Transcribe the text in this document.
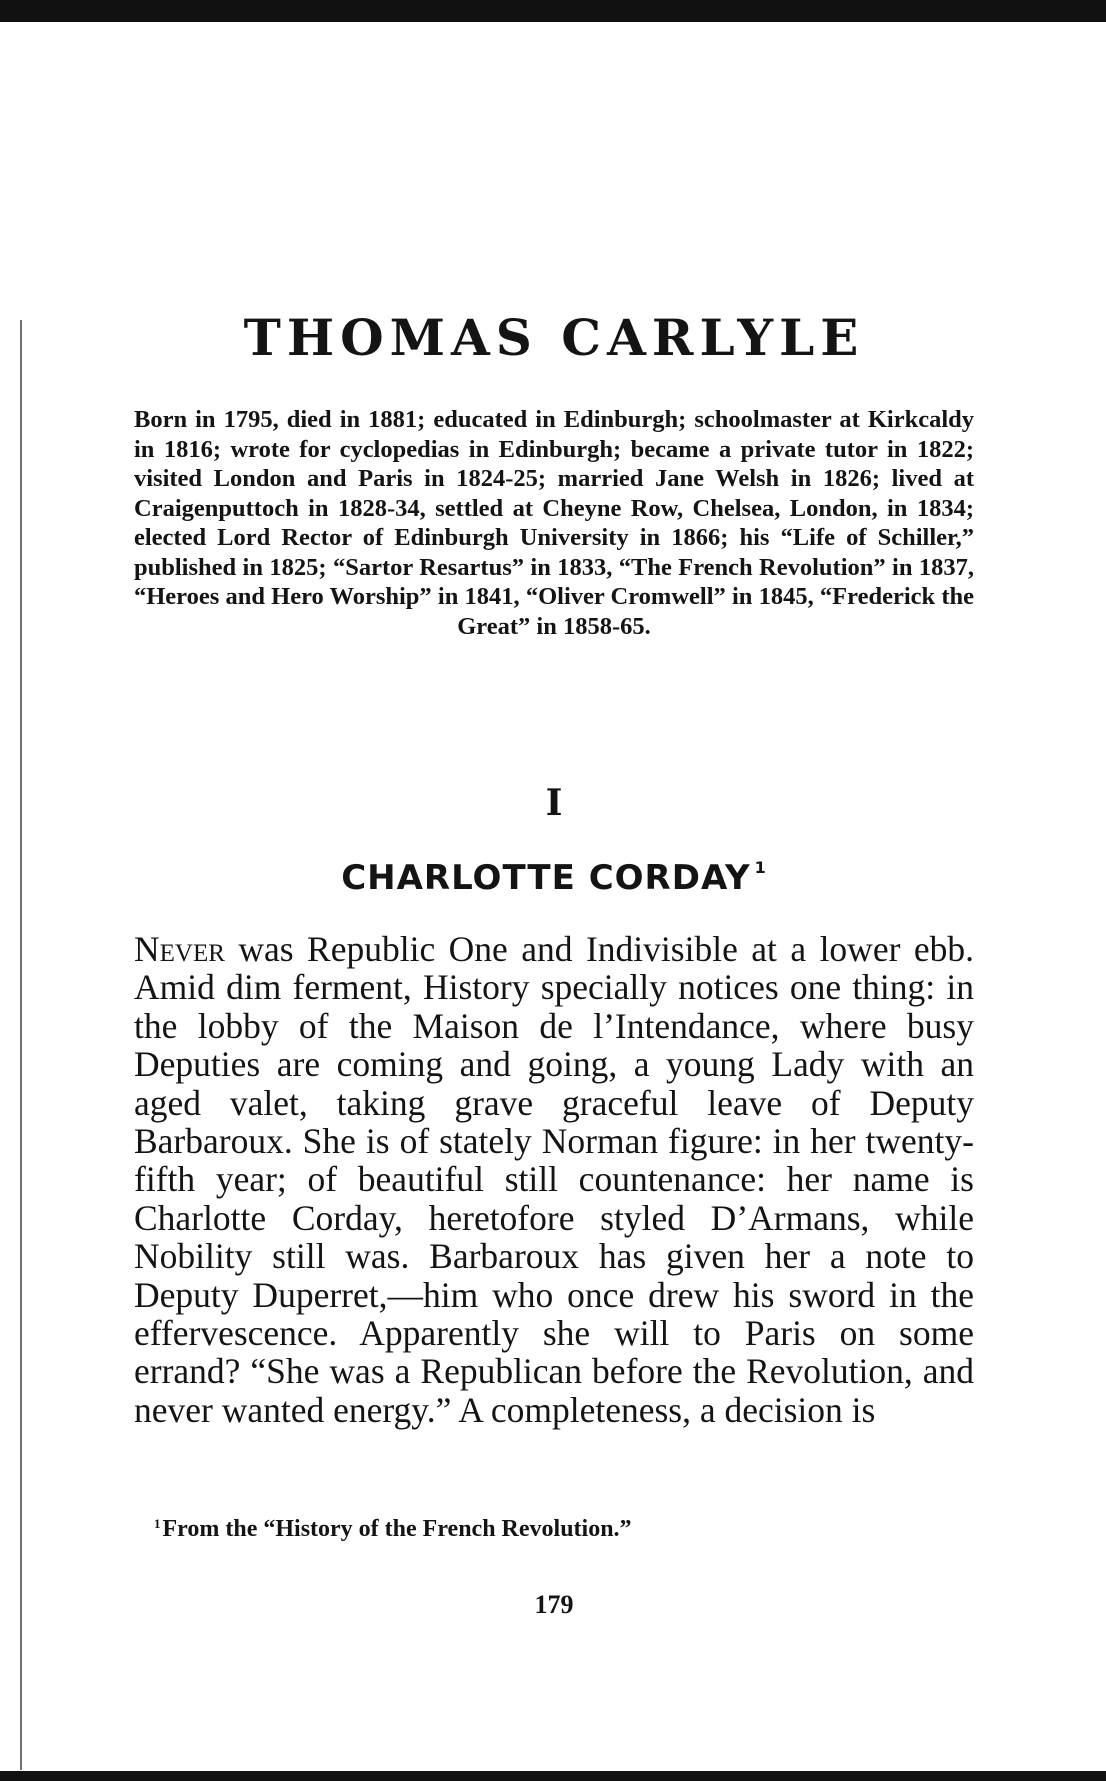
THOMAS CARLYLE

Born in 1795, died in 1881; educated in Edinburgh; schoolmaster at Kirkcaldy in 1816; wrote for cyclopedias in Edinburgh; became a private tutor in 1822; visited London and Paris in 1824-25; married Jane Welsh in 1826; lived at Craigenputtoch in 1828-34, settled at Cheyne Row, Chelsea, London, in 1834; elected Lord Rector of Edinburgh University in 1866; his “Life of Schiller,” published in 1825; “Sartor Resartus” in 1833, “The French Revolution” in 1837, “Heroes and Hero Worship” in 1841, “Oliver Cromwell” in 1845, “Frederick the Great” in 1858-65.

I
CHARLOTTE CORDAY $^1$

Never was Republic One and Indivisible at a lower ebb. Amid dim ferment, History specially notices one thing: in the lobby of the Maison de l’Intendance, where busy Deputies are coming and going, a young Lady with an aged valet, taking grave graceful leave of Deputy Barbaroux. She is of stately Norman figure: in her twenty-fifth year; of beautiful still countenance: her name is Charlotte Corday, heretofore styled D’Armans, while Nobility still was. Barbaroux has given her a note to Deputy Duperret,—him who once drew his sword in the effervescence. Apparently she will to Paris on some errand? “She was a Republican before the Revolution, and never wanted energy.” A completeness, a decision is

$^1$From the “History of the French Revolution.”

179
